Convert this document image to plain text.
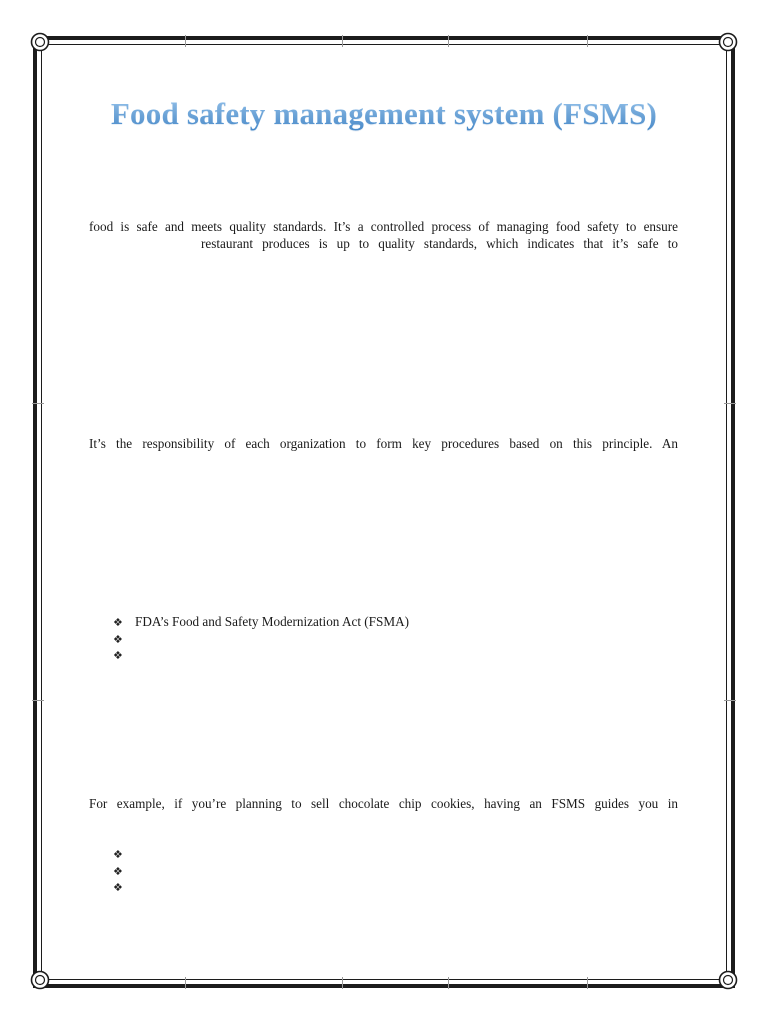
Food safety management system (FSMS)
food is safe and meets quality standards. It’s a controlled process of managing food safety to ensure
restaurant produces is up to quality standards, which indicates that it’s safe to
It’s the responsibility of each organization to form key procedures based on this principle. An
❖ FDA’s Food and Safety Modernization Act (FSMA)
❖
❖
For example, if you’re planning to sell chocolate chip cookies, having an FSMS guides you in
❖
❖
❖
